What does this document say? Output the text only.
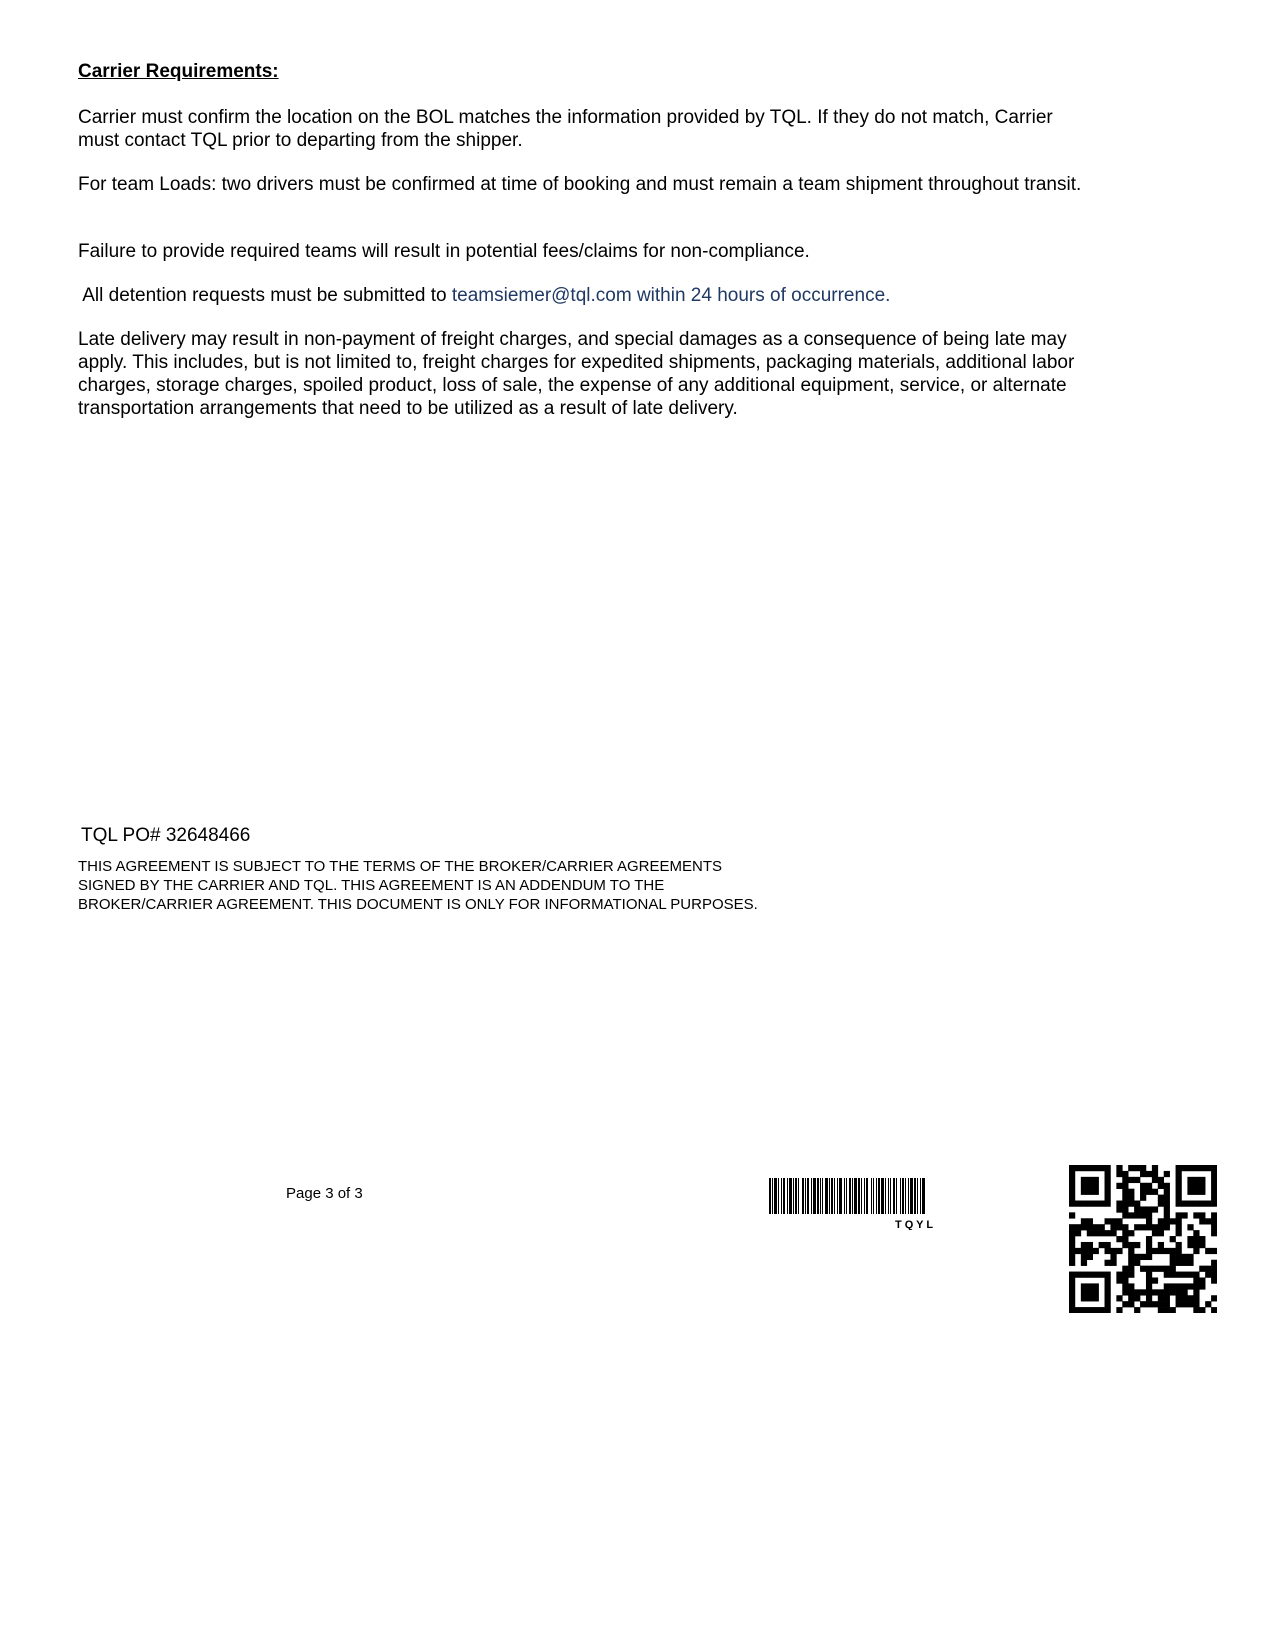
Carrier Requirements:

Carrier must confirm the location on the BOL matches the information provided by TQL. If they do not match, Carrier must contact TQL prior to departing from the shipper.

For team Loads: two drivers must be confirmed at time of booking and must remain a team shipment throughout transit.

Failure to provide required teams will result in potential fees/claims for non-compliance.

All detention requests must be submitted to teamsiemer@tql.com within 24 hours of occurrence.

Late delivery may result in non-payment of freight charges, and special damages as a consequence of being late may apply. This includes, but is not limited to, freight charges for expedited shipments, packaging materials, additional labor charges, storage charges, spoiled product, loss of sale, the expense of any additional equipment, service, or alternate transportation arrangements that need to be utilized as a result of late delivery.

TQL PO# 32648466

THIS AGREEMENT IS SUBJECT TO THE TERMS OF THE BROKER/CARRIER AGREEMENTS SIGNED BY THE CARRIER AND TQL. THIS AGREEMENT IS AN ADDENDUM TO THE BROKER/CARRIER AGREEMENT. THIS DOCUMENT IS ONLY FOR INFORMATIONAL PURPOSES.

Page 3 of 3
T Q Y L
